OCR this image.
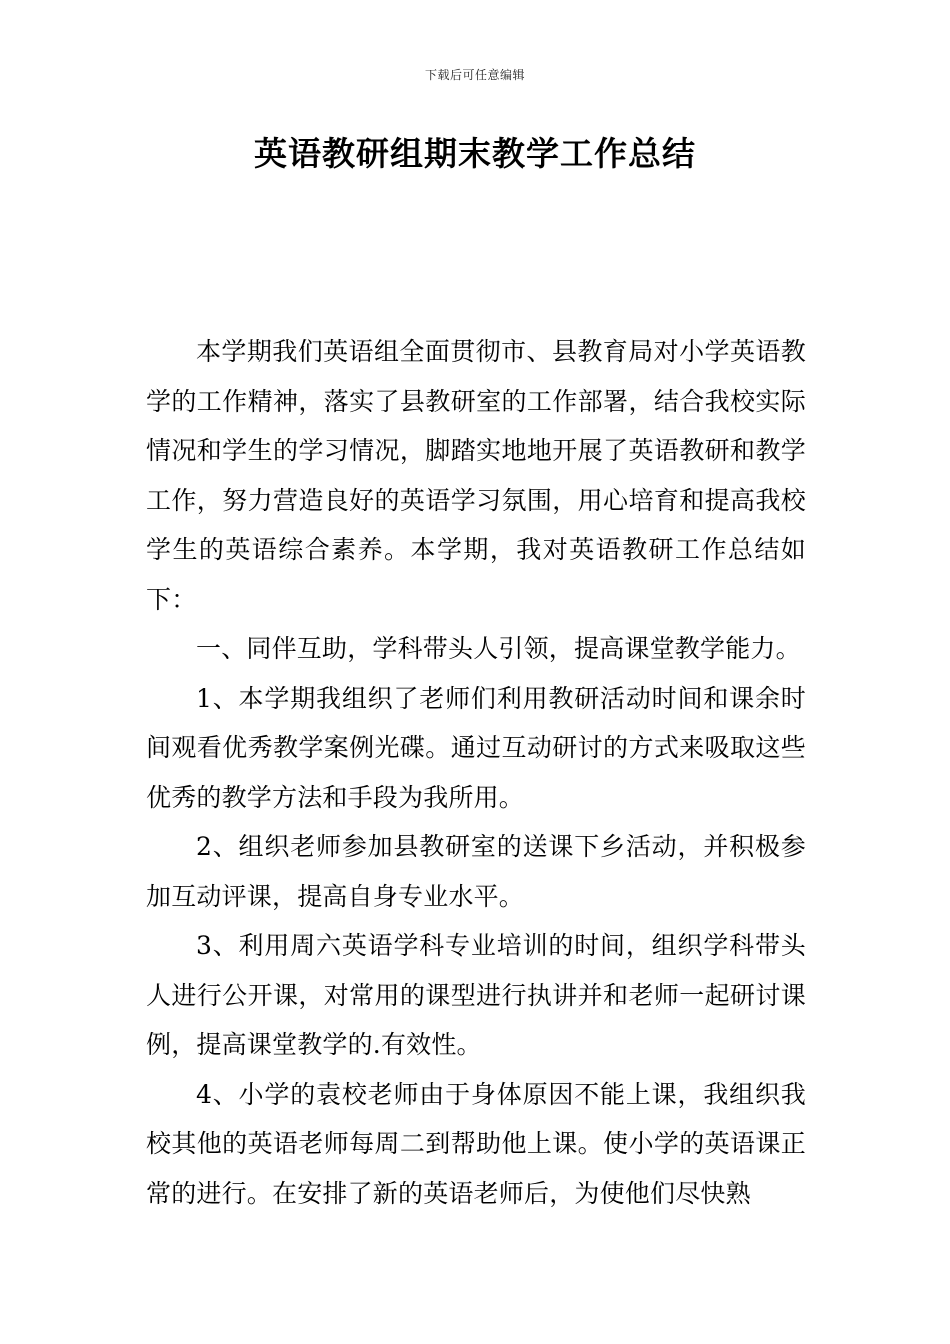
下载后可任意编辑
英语教研组期末教学工作总结

本学期我们英语组全面贯彻市、县教育局对小学英语教学的工作精神，落实了县教研室的工作部署，结合我校实际情况和学生的学习情况，脚踏实地地开展了英语教研和教学工作，努力营造良好的英语学习氛围，用心培育和提高我校学生的英语综合素养。本学期，我对英语教研工作总结如下：

一、同伴互助，学科带头人引领，提高课堂教学能力。

1、本学期我组织了老师们利用教研活动时间和课余时间观看优秀教学案例光碟。通过互动研讨的方式来吸取这些优秀的教学方法和手段为我所用。

2、组织老师参加县教研室的送课下乡活动，并积极参加互动评课，提高自身专业水平。

3、利用周六英语学科专业培训的时间，组织学科带头人进行公开课，对常用的课型进行执讲并和老师一起研讨课例，提高课堂教学的.有效性。

4、小学的袁校老师由于身体原因不能上课，我组织我校其他的英语老师每周二到帮助他上课。使小学的英语课正常的进行。在安排了新的英语老师后，为使他们尽快熟
